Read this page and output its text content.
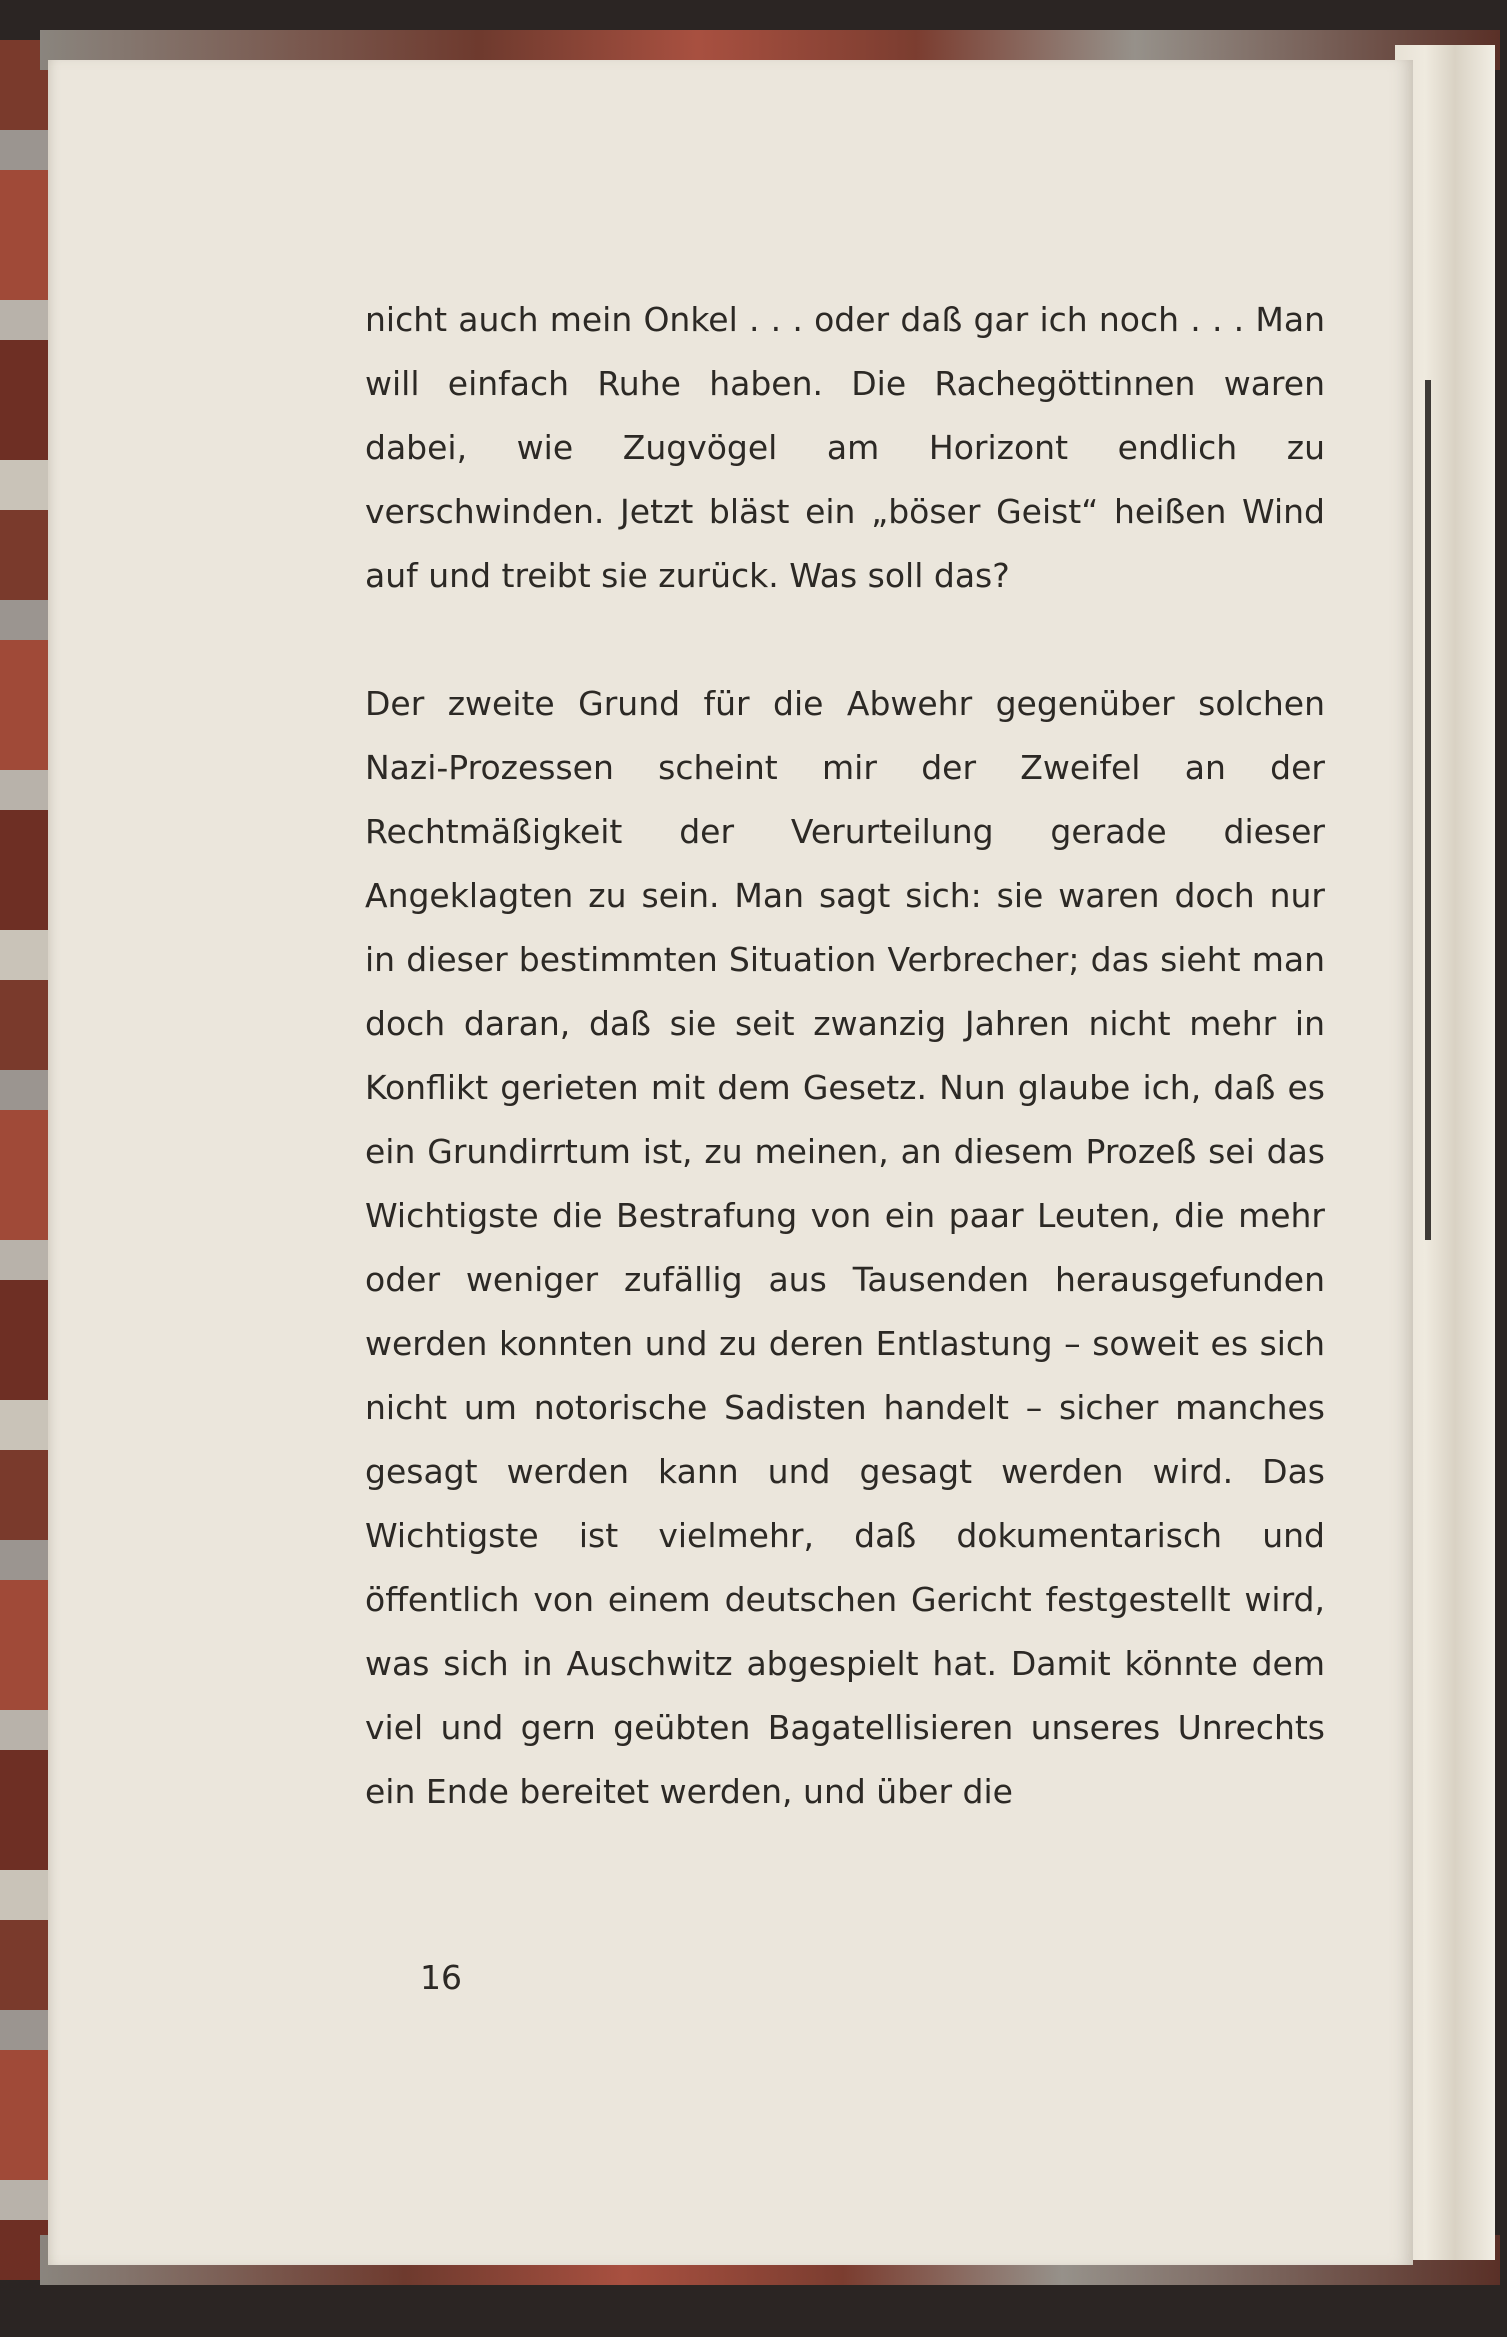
nicht auch mein Onkel . . . oder daß gar ich noch . . . Man will einfach Ruhe haben. Die Rachegöttinnen waren dabei, wie Zugvögel am Horizont endlich zu verschwinden. Jetzt bläst ein „böser Geist“ heißen Wind auf und treibt sie zurück. Was soll das?

Der zweite Grund für die Abwehr gegenüber solchen Nazi-Prozessen scheint mir der Zweifel an der Rechtmäßigkeit der Verurteilung gerade dieser Angeklagten zu sein. Man sagt sich: sie waren doch nur in dieser bestimmten Situation Verbrecher; das sieht man doch daran, daß sie seit zwanzig Jahren nicht mehr in Konflikt gerieten mit dem Gesetz. Nun glaube ich, daß es ein Grundirrtum ist, zu meinen, an diesem Prozeß sei das Wichtigste die Bestrafung von ein paar Leuten, die mehr oder weniger zufällig aus Tausenden herausgefunden werden konnten und zu deren Entlastung – soweit es sich nicht um notorische Sadisten handelt – sicher manches gesagt werden kann und gesagt werden wird. Das Wichtigste ist vielmehr, daß dokumentarisch und öffentlich von einem deutschen Gericht festgestellt wird, was sich in Auschwitz abgespielt hat. Damit könnte dem viel und gern geübten Bagatellisieren unseres Unrechts ein Ende bereitet werden, und über die

16
